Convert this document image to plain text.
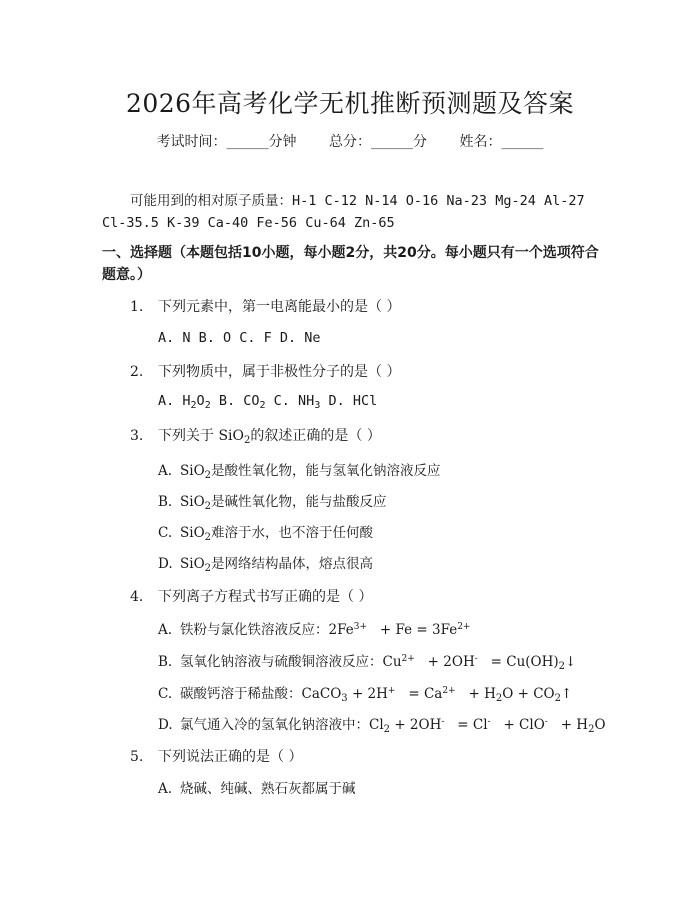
2026年高考化学无机推断预测题及答案
考试时间：______分钟 总分：______分 姓名：______
可能用到的相对原子质量：H-1 C-12 N-14 O-16 Na-23 Mg-24 Al-27 Cl-35.5 K-39 Ca-40 Fe-56 Cu-64 Zn-65
一、选择题（本题包括10小题，每小题2分，共20分。每小题只有一个选项符合题意。）
1. 下列元素中，第一电离能最小的是（ ）
A. N B. O C. F D. Ne
2. 下列物质中，属于非极性分子的是（ ）
A. $H_2O_2$ B. $CO_2$ C. $NH_3$ D. HCl
3. 下列关于 SiO$_2$的叙述正确的是（ ）
A. SiO$_2$是酸性氧化物，能与氢氧化钠溶液反应
B. SiO$_2$是碱性氧化物，能与盐酸反应
C. SiO$_2$难溶于水，也不溶于任何酸
D. SiO$_2$是网络结构晶体，熔点很高
4. 下列离子方程式书写正确的是（ ）
A. 铁粉与氯化铁溶液反应：$2Fe^{3+} + Fe = 3Fe^{2+}$
B. 氢氧化钠溶液与硫酸铜溶液反应：$Cu^{2+} + 2OH^-$   = $Cu(OH)_2↓$
C. 碳酸钙溶于稀盐酸：CaCO$_3$ + $2H^+ = Ca^{2+} + H_2O$ + $CO_2↑$
D. 氯气通入冷的氢氧化钠溶液中：$Cl_2 + 2OH^- = Cl^- + ClO^- + H_2O$
5. 下列说法正确的是（ ）
A. 烧碱、纯碱、熟石灰都属于碱
